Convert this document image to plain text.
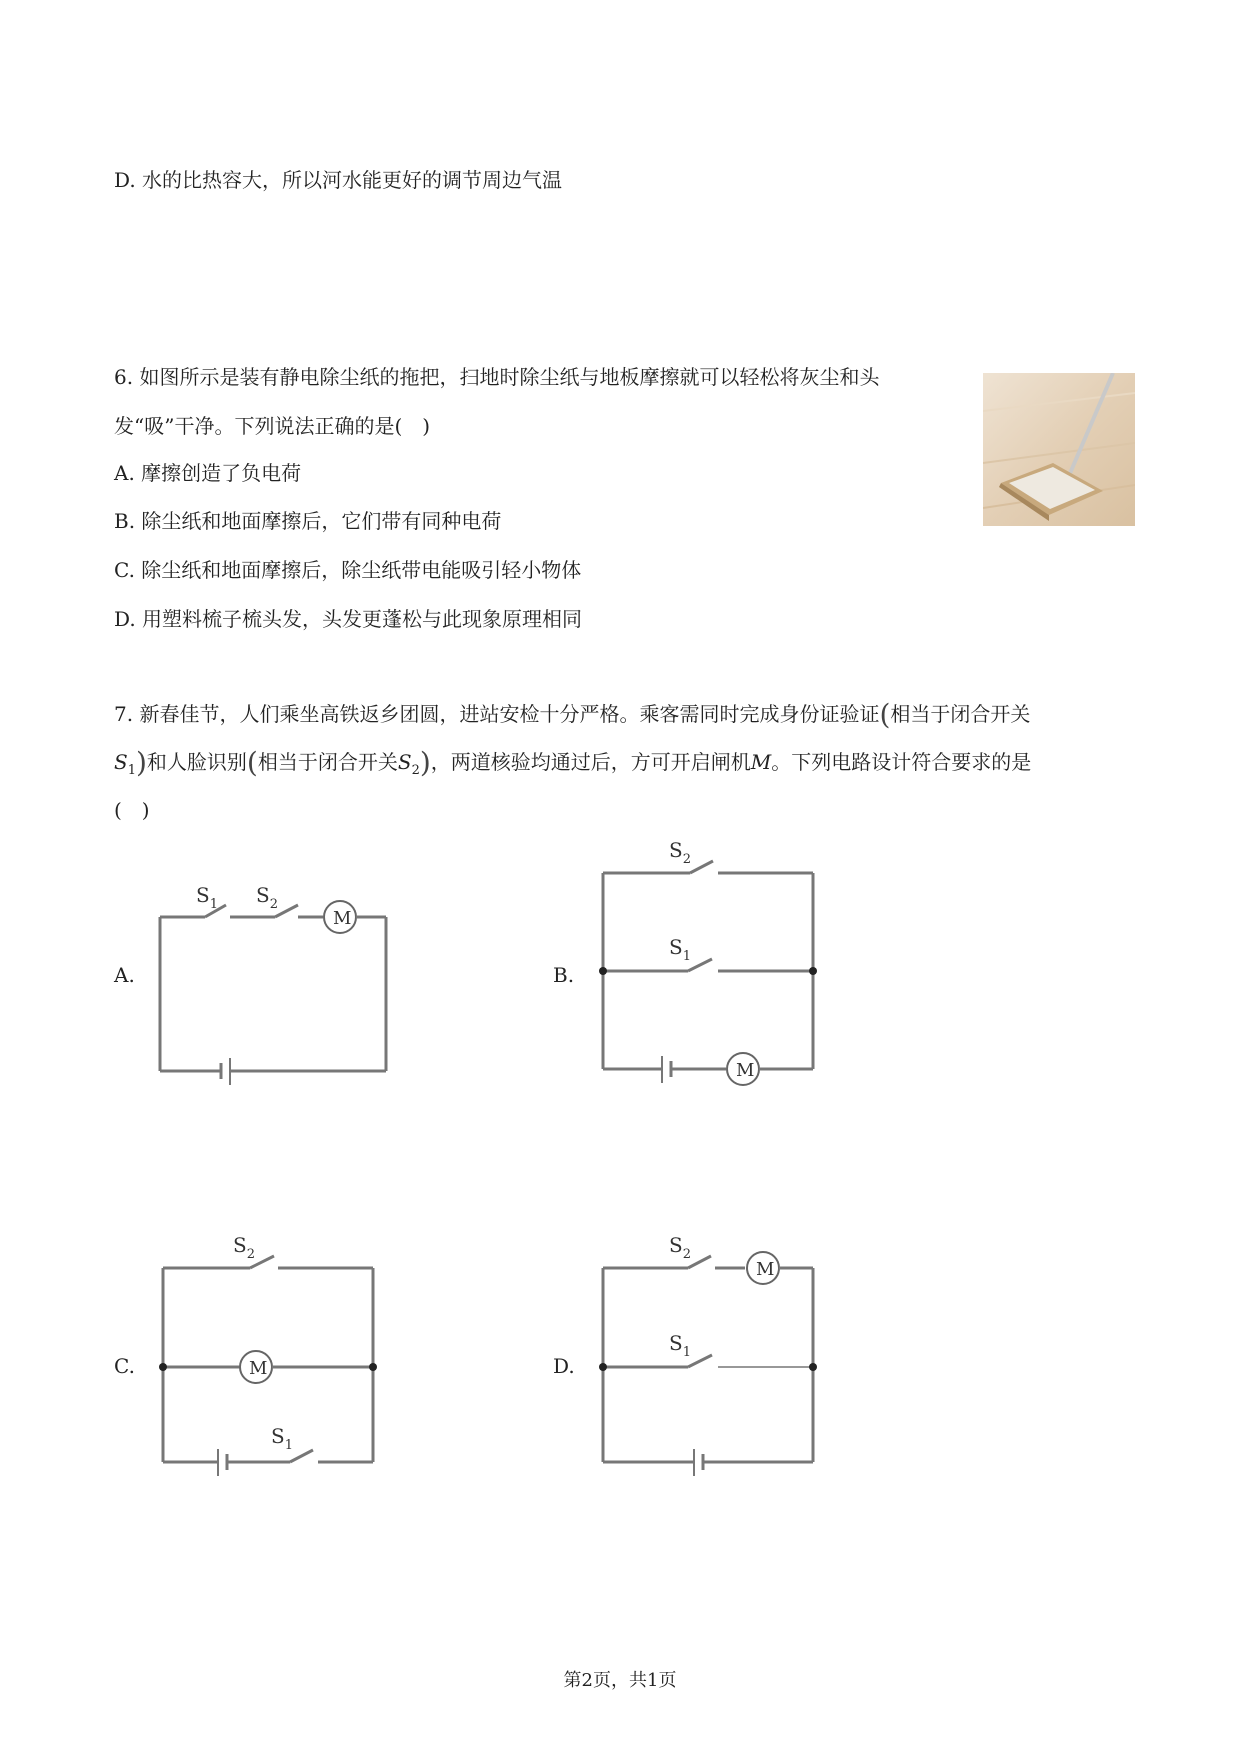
D. 水的比热容大，所以河水能更好的调节周边气温
6. 如图所示是装有静电除尘纸的拖把，扫地时除尘纸与地板摩擦就可以轻松将灰尘和头
发“吸”干净。下列说法正确的是( )
A. 摩擦创造了负电荷
B. 除尘纸和地面摩擦后，它们带有同种电荷
C. 除尘纸和地面摩擦后，除尘纸带电能吸引轻小物体
D. 用塑料梳子梳头发，头发更蓬松与此现象原理相同
7. 新春佳节，人们乘坐高铁返乡团圆，进站安检十分严格。乘客需同时完成身份证验证(相当于闭合开关
$S_1$)和人脸识别(相当于闭合开关$S_2$)，两道核验均通过后，方可开启闸机M。下列电路设计符合要求的是
( )
A.	B.
C.	D.
$S_1$ $S_2$
M
$S_2$
$S_1$
M
$S_2$
M
$S_1$
$S_2$
M
$S_1$
第2页，共1页
